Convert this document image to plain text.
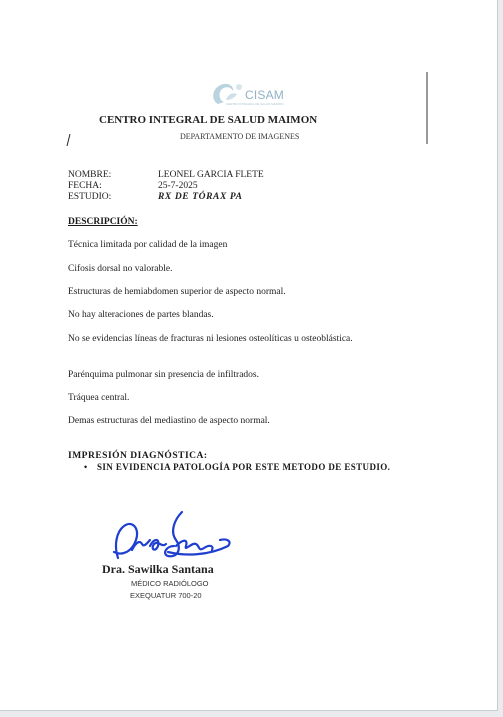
CISAM
CENTRO INTEGRAL DE SALUD MAIMON
CENTRO INTEGRAL DE SALUD MAIMON
DEPARTAMENTO DE IMAGENES
NOMBRE:	LEONEL GARCIA FLETE
FECHA:	25-7-2025
ESTUDIO:	RX DE TÓRAX PA
DESCRIPCIÓN:
Técnica limitada por calidad de la imagen
Cifosis dorsal no valorable.
Estructuras de hemiabdomen superior de aspecto normal.
No hay alteraciones de partes blandas.
No se evidencias líneas de fracturas ni lesiones osteolíticas u osteoblástica.
Parénquima pulmonar sin presencia de infiltrados.
Tráquea central.
Demas estructuras del mediastino de aspecto normal.
IMPRESIÓN DIAGNÓSTICA:
• SIN EVIDENCIA PATOLOGÍA POR ESTE METODO DE ESTUDIO.
Dra. Sawilka Santana
MÉDICO RADIÓLOGO
EXEQUATUR 700-20
